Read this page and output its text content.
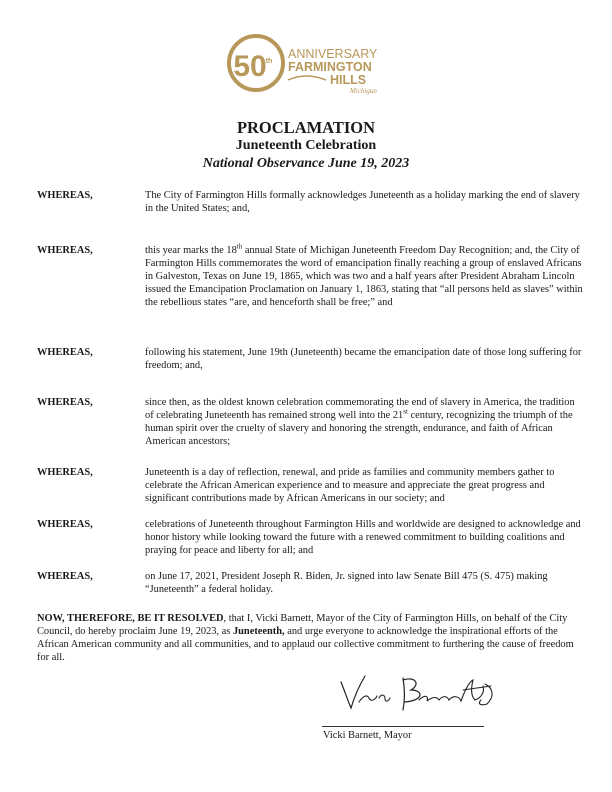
50 th
ANNIVERSARY
FARMINGTON
HILLS
Michigan
PROCLAMATION
Juneteenth Celebration
National Observance June 19, 2023
WHEREAS,	The City of Farmington Hills formally acknowledges Juneteenth as a holiday marking the end of slavery in the United States; and,
WHEREAS,	this year marks the 18th annual State of Michigan Juneteenth Freedom Day Recognition; and, the City of Farmington Hills commemorates the word of emancipation finally reaching a group of enslaved Africans in Galveston, Texas on June 19, 1865, which was two and a half years after President Abraham Lincoln issued the Emancipation Proclamation on January 1, 1863, stating that “all persons held as slaves” within the rebellious states “are, and henceforth shall be free;” and
WHEREAS,	following his statement, June 19th (Juneteenth) became the emancipation date of those long suffering for freedom; and,
WHEREAS,	since then, as the oldest known celebration commemorating the end of slavery in America, the tradition of celebrating Juneteenth has remained strong well into the 21st century, recognizing the triumph of the human spirit over the cruelty of slavery and honoring the strength, endurance, and faith of African American ancestors;
WHEREAS,	Juneteenth is a day of reflection, renewal, and pride as families and community members gather to celebrate the African American experience and to measure and appreciate the great progress and significant contributions made by African Americans in our society; and
WHEREAS,	celebrations of Juneteenth throughout Farmington Hills and worldwide are designed to acknowledge and honor history while looking toward the future with a renewed commitment to building coalitions and praying for peace and liberty for all; and
WHEREAS,	on June 17, 2021, President Joseph R. Biden, Jr. signed into law Senate Bill 475 (S. 475) making “Juneteenth” a federal holiday.
NOW, THEREFORE, BE IT RESOLVED, that I, Vicki Barnett, Mayor of the City of Farmington Hills, on behalf of the City Council, do hereby proclaim June 19, 2023, as Juneteenth, and urge everyone to acknowledge the inspirational efforts of the African American community and all communities, and to applaud our collective commitment to furthering the cause of freedom for all.
Vicki Barnett, Mayor
